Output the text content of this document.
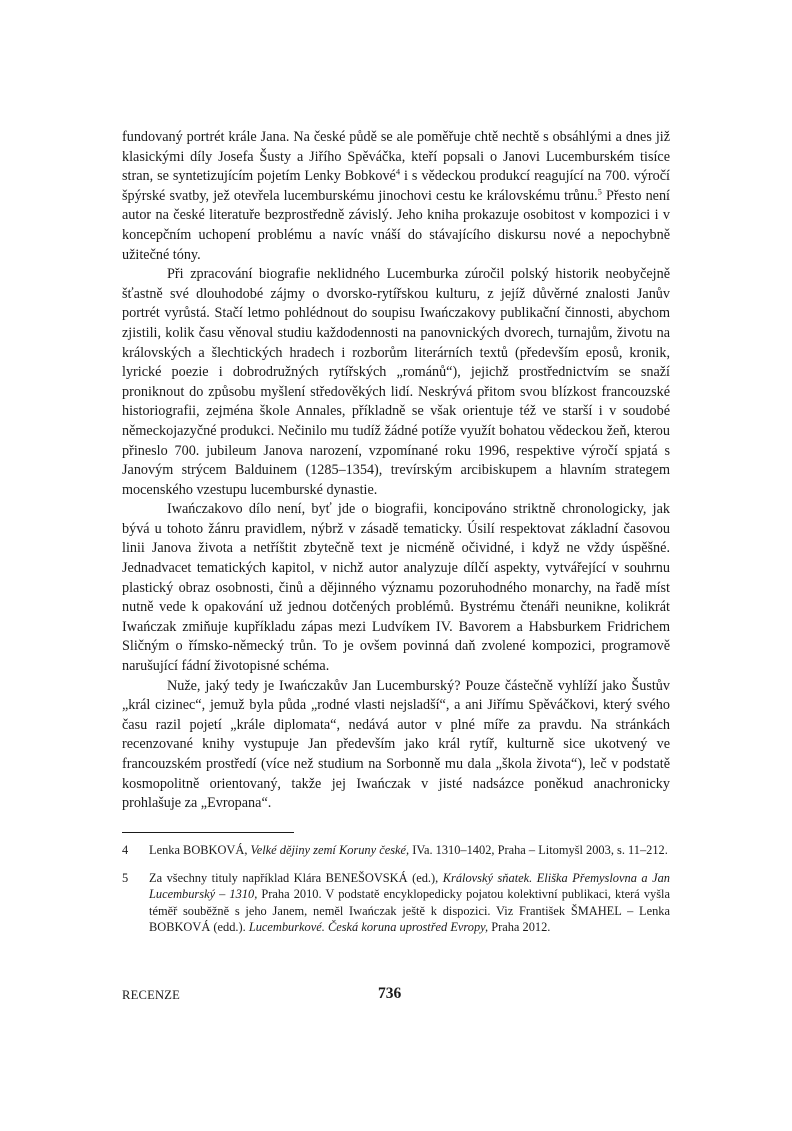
fundovaný portrét krále Jana. Na české půdě se ale poměřuje chtě nechtě s obsáhlými a dnes již klasickými díly Josefa Šusty a Jiřího Spěváčka, kteří popsali o Janovi Lucemburském tisíce stran, se syntetizujícím pojetím Lenky Bobkové$^4$ i s vědeckou produkcí reagující na 700. výročí špýrské svatby, jež otevřela lucemburskému jinochovi cestu ke královskému trůnu.$^5$ Přesto není autor na české literatuře bezprostředně závislý. Jeho kniha prokazuje osobitost v kompozici i v koncepčním uchopení problému a navíc vnáší do stávajícího diskursu nové a nepochybně užitečné tóny.

Při zpracování biografie neklidného Lucemburka zúročil polský historik neobyčejně šťastně své dlouhodobé zájmy o dvorsko-rytířskou kulturu, z jejíž důvěrné znalosti Janův portrét vyrůstá. Stačí letmo pohlédnout do soupisu Iwańczakovy publikační činnosti, abychom zjistili, kolik času věnoval studiu každodennosti na panovnických dvorech, turnajům, životu na královských a šlechtických hradech i rozborům literárních textů (především eposů, kronik, lyrické poezie i dobrodružných rytířských „románů“), jejichž prostřednictvím se snaží proniknout do způsobu myšlení středověkých lidí. Neskrývá přitom svou blízkost francouzské historiografii, zejména škole Annales, příkladně se však orientuje též ve starší i v soudobé německojazyčné produkci. Nečinilo mu tudíž žádné potíže využít bohatou vědeckou žeň, kterou přineslo 700. jubileum Janova narození, vzpomínané roku 1996, respektive výročí spjatá s Janovým strýcem Balduinem (1285–1354), trevírským arcibiskupem a hlavním strategem mocenského vzestupu lucemburské dynastie.

Iwańczakovo dílo není, byť jde o biografii, koncipováno striktně chronologicky, jak bývá u tohoto žánru pravidlem, nýbrž v zásadě tematicky. Úsilí respektovat základní časovou linii Janova života a netříštit zbytečně text je nicméně očividné, i když ne vždy úspěšné. Jednadvacet tematických kapitol, v nichž autor analyzuje dílčí aspekty, vytvářející v souhrnu plastický obraz osobnosti, činů a dějinného významu pozoruhodného monarchy, na řadě míst nutně vede k opakování už jednou dotčených problémů. Bystrému čtenáři neunikne, kolikrát Iwańczak zmiňuje kupříkladu zápas mezi Ludvíkem IV. Bavorem a Habsburkem Fridrichem Sličným o římsko-německý trůn. To je ovšem povinná daň zvolené kompozici, programově narušující fádní životopisné schéma.

Nuže, jaký tedy je Iwańczakův Jan Lucemburský? Pouze částečně vyhlíží jako Šustův „král cizinec“, jemuž byla půda „rodné vlasti nejsladší“, a ani Jiřímu Spěváčkovi, který svého času razil pojetí „krále diplomata“, nedává autor v plné míře za pravdu. Na stránkách recenzované knihy vystupuje Jan především jako král rytíř, kulturně sice ukotvený ve francouzském prostředí (více než studium na Sorbonně mu dala „škola života“), leč v podstatě kosmopolitně orientovaný, takže jej Iwańczak v jisté nadsázce poněkud anachronicky prohlašuje za „Evropana“.

4	Lenka BOBKOVÁ, Velké dějiny zemí Koruny české, IVa. 1310–1402, Praha – Litomyšl 2003, s. 11–212.
5	Za všechny tituly například Klára BENEŠOVSKÁ (ed.), Královský sňatek. Eliška Přemyslovna a Jan Lucemburský – 1310, Praha 2010. V podstatě encyklopedicky pojatou kolektivní publikaci, která vyšla téměř souběžně s jeho Janem, neměl Iwańczak ještě k dispozici. Viz František ŠMAHEL – Lenka BOBKOVÁ (edd.). Lucemburkové. Česká koruna uprostřed Evropy, Praha 2012.
RECENZE	736
